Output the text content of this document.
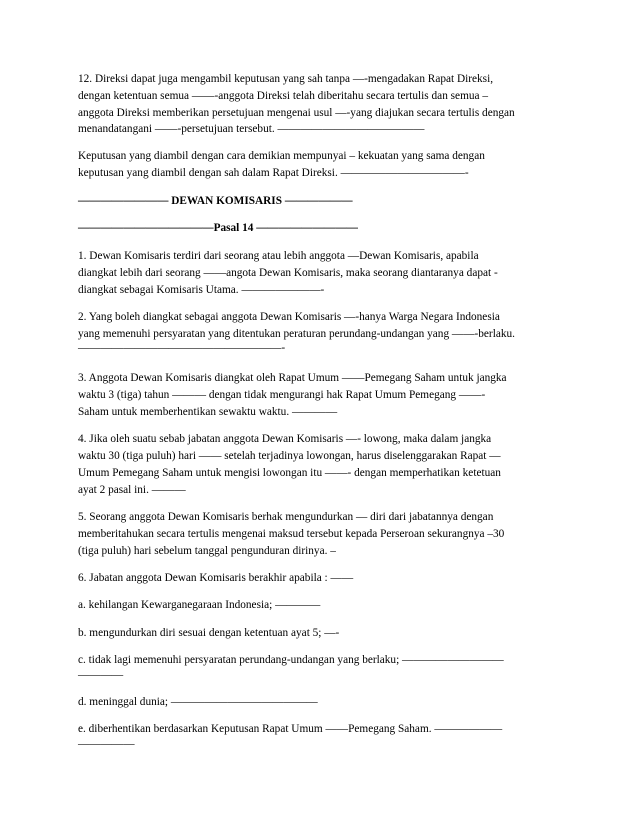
12. Direksi dapat juga mengambil keputusan yang sah tanpa —-mengadakan Rapat Direksi,
dengan ketentuan semua ——-anggota Direksi telah diberitahu secara tertulis dan semua –
anggota Direksi memberikan persetujuan mengenai usul —-yang diajukan secara tertulis dengan
menandatangani ——-persetujuan tersebut. —————————————
Keputusan yang diambil dengan cara demikian mempunyai – kekuatan yang sama dengan
keputusan yang diambil dengan sah dalam Rapat Direksi. ———————————-
———————— DEWAN KOMISARIS ——————
————————————Pasal 14 —————————
1. Dewan Komisaris terdiri dari seorang atau lebih anggota —Dewan Komisaris, apabila
diangkat lebih dari seorang ——angota Dewan Komisaris, maka seorang diantaranya dapat -
diangkat sebagai Komisaris Utama. ———————-
2. Yang boleh diangkat sebagai anggota Dewan Komisaris —-hanya Warga Negara Indonesia
yang memenuhi persyaratan yang ditentukan peraturan perundang-undangan yang ——-berlaku.
——————————————————-
3. Anggota Dewan Komisaris diangkat oleh Rapat Umum ——Pemegang Saham untuk jangka
waktu 3 (tiga) tahun ——— dengan tidak mengurangi hak Rapat Umum Pemegang ——-
Saham untuk memberhentikan sewaktu waktu. ————
4. Jika oleh suatu sebab jabatan anggota Dewan Komisaris —- lowong, maka dalam jangka
waktu 30 (tiga puluh) hari —— setelah terjadinya lowongan, harus diselenggarakan Rapat —
Umum Pemegang Saham untuk mengisi lowongan itu ——- dengan memperhatikan ketetuan
ayat 2 pasal ini. ———
5. Seorang anggota Dewan Komisaris berhak mengundurkan — diri dari jabatannya dengan
memberitahukan secara tertulis mengenai maksud tersebut kepada Perseroan sekurangnya –30
(tiga puluh) hari sebelum tanggal pengunduran dirinya. –
6. Jabatan anggota Dewan Komisaris berakhir apabila : ——
a. kehilangan Kewarganegaraan Indonesia; ————
b. mengundurkan diri sesuai dengan ketentuan ayat 5; —-
c. tidak lagi memenuhi persyaratan perundang-undangan yang berlaku; —————————
————
d. meninggal dunia; —————————————
e. diberhentikan berdasarkan Keputusan Rapat Umum ——Pemegang Saham. ——————
—————
